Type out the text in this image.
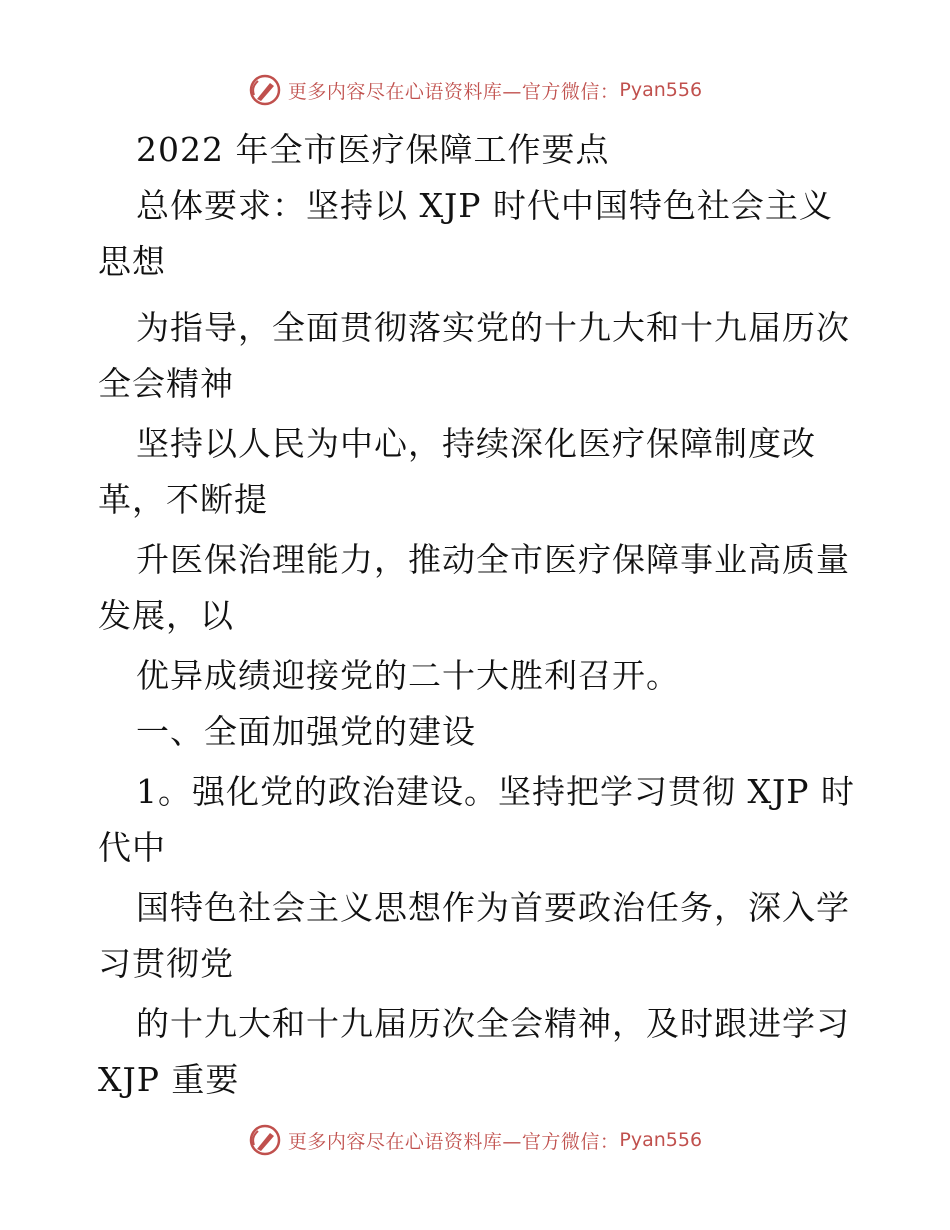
更多内容尽在心语资料库—官方微信： Pyan556
2022 年全市医疗保障工作要点
总体要求：坚持以 XJP 时代中国特色社会主义
思想
为指导，全面贯彻落实党的十九大和十九届历次
全会精神
坚持以人民为中心，持续深化医疗保障制度改
革，不断提
升医保治理能力，推动全市医疗保障事业高质量
发展，以
优异成绩迎接党的二十大胜利召开。
一、全面加强党的建设
1。强化党的政治建设。坚持把学习贯彻 XJP 时
代中
国特色社会主义思想作为首要政治任务，深入学
习贯彻党
的十九大和十九届历次全会精神，及时跟进学习
XJP 重要
更多内容尽在心语资料库—官方微信： Pyan556
